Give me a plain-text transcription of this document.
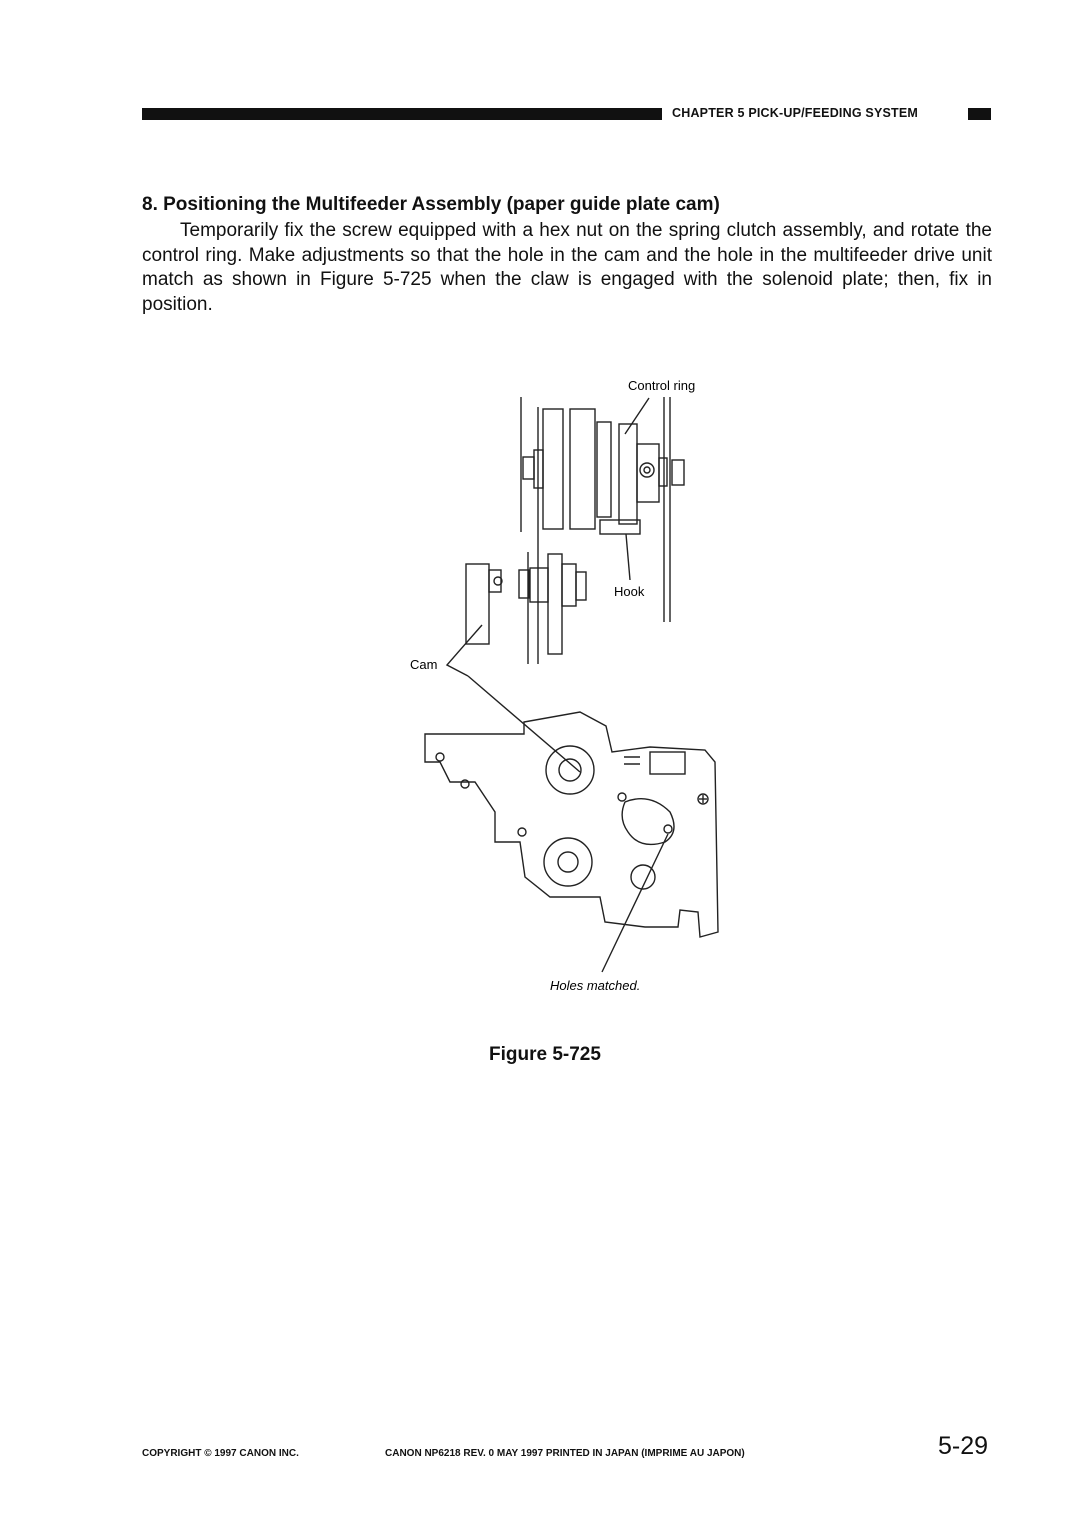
CHAPTER 5 PICK-UP/FEEDING SYSTEM
8. Positioning the Multifeeder Assembly (paper guide plate cam)
Temporarily fix the screw equipped with a hex nut on the spring clutch assembly, and rotate the control ring. Make adjustments so that the hole in the cam and the hole in the multifeeder drive unit match as shown in Figure 5-725 when the claw is engaged with the solenoid plate; then, fix in position.
Control ring
Hook
Cam
Holes matched.
Figure 5-725
COPYRIGHT © 1997 CANON INC.	CANON NP6218 REV. 0 MAY 1997 PRINTED IN JAPAN (IMPRIME AU JAPON)	5-29
